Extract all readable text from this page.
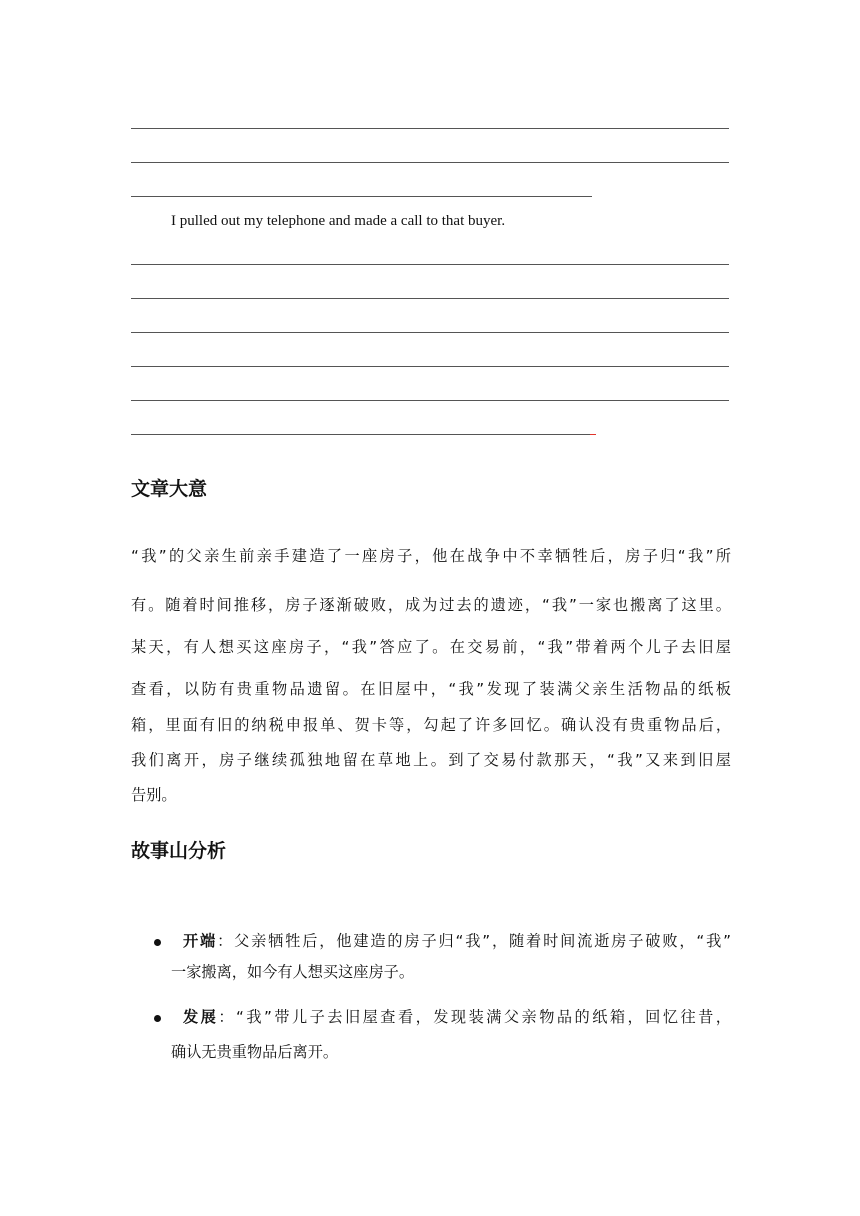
I pulled out my telephone and made a call to that buyer.
文章大意
“我”的父亲生前亲手建造了一座房子，他在战争中不幸牺牲后，房子归“我”所
有。随着时间推移，房子逐渐破败，成为过去的遗迹，“我”一家也搬离了这里。
某天，有人想买这座房子，“我”答应了。在交易前，“我”带着两个儿子去旧屋
查看，以防有贵重物品遗留。在旧屋中，“我”发现了装满父亲生活物品的纸板
箱，里面有旧的纳税申报单、贺卡等，勾起了许多回忆。确认没有贵重物品后，
我们离开，房子继续孤独地留在草地上。到了交易付款那天，“我”又来到旧屋
告别。
故事山分析
开端：父亲牺牲后，他建造的房子归“我”，随着时间流逝房子破败，“我”
一家搬离，如今有人想买这座房子。
发展：“我”带儿子去旧屋查看，发现装满父亲物品的纸箱，回忆往昔，
确认无贵重物品后离开。
